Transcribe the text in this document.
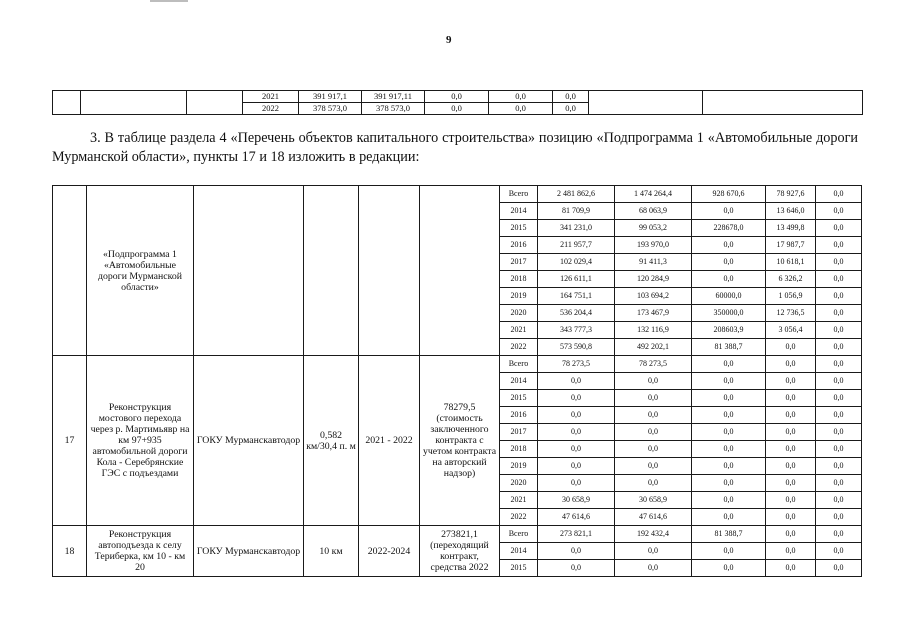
9
			2021	391 917,1	391 917,11	0,0	0,0	0,0		
			2022	378 573,0	378 573,0	0,0	0,0	0,0		
3. В таблице раздела 4 «Перечень объектов капитального строительства» позицию «Подпрограмма 1 «Автомобильные дороги Мурманской области», пункты 17 и 18 изложить в редакции:
	«Подпрограмма 1 «Автомобильные дороги Мурманской области»					Всего	2 481 862,6	1 474 264,4	928 670,6	78 927,6	0,0
						2014	81 709,9	68 063,9	0,0	13 646,0	0,0
						2015	341 231,0	99 053,2	228678,0	13 499,8	0,0
						2016	211 957,7	193 970,0	0,0	17 987,7	0,0
						2017	102 029,4	91 411,3	0,0	10 618,1	0,0
						2018	126 611,1	120 284,9	0,0	6 326,2	0,0
						2019	164 751,1	103 694,2	60000,0	1 056,9	0,0
						2020	536 204,4	173 467,9	350000,0	12 736,5	0,0
						2021	343 777,3	132 116,9	208603,9	3 056,4	0,0
						2022	573 590,8	492 202,1	81 388,7	0,0	0,0
17	Реконструкция мостового перехода через р. Мартимьявр на км 97+935 автомобильной дороги Кола - Серебрянские ГЭС с подъездами	ГОКУ Мурманскавтодор	0,582 км/30,4 п. м	2021 - 2022	78279,5 (стоимость заключенного контракта с учетом контракта на авторский надзор)	Всего	78 273,5	78 273,5	0,0	0,0	0,0
						2014	0,0	0,0	0,0	0,0	0,0
						2015	0,0	0,0	0,0	0,0	0,0
						2016	0,0	0,0	0,0	0,0	0,0
						2017	0,0	0,0	0,0	0,0	0,0
						2018	0,0	0,0	0,0	0,0	0,0
						2019	0,0	0,0	0,0	0,0	0,0
						2020	0,0	0,0	0,0	0,0	0,0
						2021	30 658,9	30 658,9	0,0	0,0	0,0
						2022	47 614,6	47 614,6	0,0	0,0	0,0
18	Реконструкция автоподъезда к селу Териберка, км 10 - км 20	ГОКУ Мурманскавтодор	10 км	2022-2024	273821,1 (переходящий контракт, средства 2022	Всего	273 821,1	192 432,4	81 388,7	0,0	0,0
						2014	0,0	0,0	0,0	0,0	0,0
						2015	0,0	0,0	0,0	0,0	0,0
